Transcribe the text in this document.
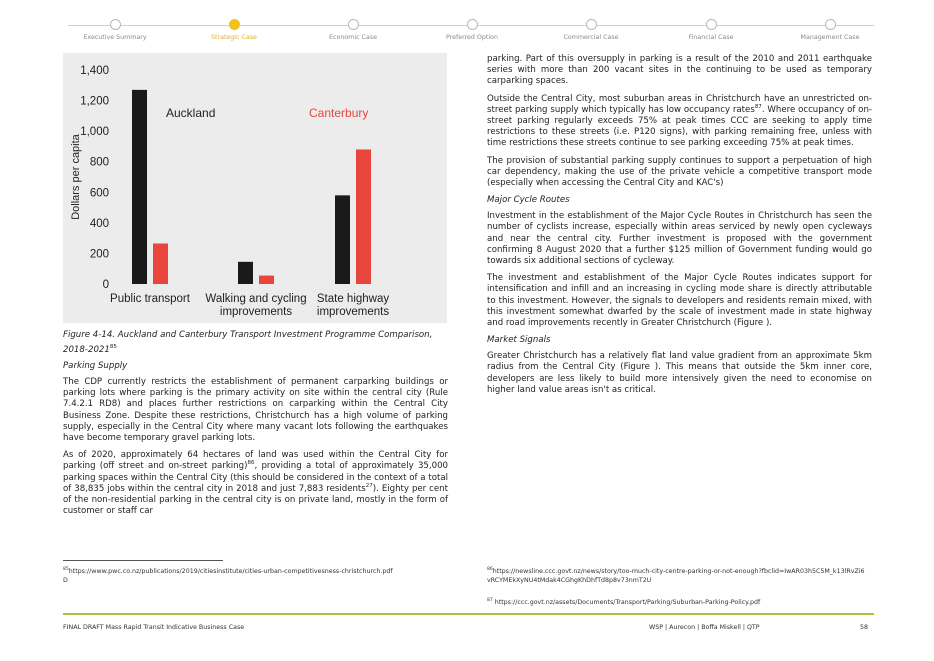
Executive Summary	Strategic Case	Economic Case	Preferred Option	Commercial Case	Financial Case	Management Case
0
200
400
600
800
1,000
1,200
1,400
Dollars per capita
Public transport Walking and cycling
improvements
State highway
improvements
Auckland	Canterbury
Figure 4-14. Auckland and Canterbury Transport Investment Programme Comparison, 2018-2021$^{85}$
Parking Supply
The CDP currently restricts the establishment of permanent carparking buildings or parking lots where parking is the primary activity on site within the central city (Rule 7.4.2.1 RD8) and places further restrictions on carparking within the Central City Business Zone. Despite these restrictions, Christchurch has a high volume of parking supply, especially in the Central City where many vacant lots following the earthquakes have become temporary gravel parking lots.
As of 2020, approximately 64 hectares of land was used within the Central City for parking (off street and on-street parking)$^{86}$, providing a total of approximately 35,000 parking spaces within the Central City (this should be considered in the context of a total of 38,835 jobs within the central city in 2018 and just 7,883 residents$^{27}$). Eighty per cent of the non-residential parking in the central city is on private land, mostly in the form of customer or staff car
parking. Part of this oversupply in parking is a result of the 2010 and 2011 earthquake series with more than 200 vacant sites in the continuing to be used as temporary carparking spaces.
Outside the Central City, most suburban areas in Christchurch have an unrestricted on-street parking supply which typically has low occupancy rates$^{87}$. Where occupancy of on-street parking regularly exceeds 75% at peak times CCC are seeking to apply time restrictions to these streets (i.e. P120 signs), with parking remaining free, unless with time restrictions these streets continue to see parking exceeding 75% at peak times.
The provision of substantial parking supply continues to support a perpetuation of high car dependency, making the use of the private vehicle a competitive transport mode (especially when accessing the Central City and KAC's)
Major Cycle Routes
Investment in the establishment of the Major Cycle Routes in Christchurch has seen the number of cyclists increase, especially within areas serviced by newly open cycleways and near the central city. Further investment is proposed with the government confirming 8 August 2020 that a further $125 million of Government funding would go towards six additional sections of cycleway.
The investment and establishment of the Major Cycle Routes indicates support for intensification and infill and an increasing in cycling mode share is directly attributable to this investment. However, the signals to developers and residents remain mixed, with this investment somewhat dwarfed by the scale of investment made in state highway and road improvements recently in Greater Christchurch (Figure ).
Market Signals
Greater Christchurch has a relatively flat land value gradient from an approximate 5km radius from the Central City (Figure ). This means that outside the 5km inner core, developers are less likely to build more intensively given the need to economise on higher land value areas isn't as critical.
$^{85}$https://www.pwc.co.nz/publications/2019/citiesinstitute/cities-urban-competitivesness-christchurch.pdf
D
$^{86}$https://newsline.ccc.govt.nz/news/story/too-much-city-centre-parking-or-not-enough?fbclid=IwAR03h5C5M_k13lRvZi6vRCYMEkXyNU4tMdak4CGhgKhDhfTd8p8v73nmT2U
$^{87}$ https://ccc.govt.nz/assets/Documents/Transport/Parking/Suburban-Parking-Policy.pdf
FINAL DRAFT Mass Rapid Transit Indicative Business Case	WSP | Aurecon | Boffa Miskell | QTP	58
